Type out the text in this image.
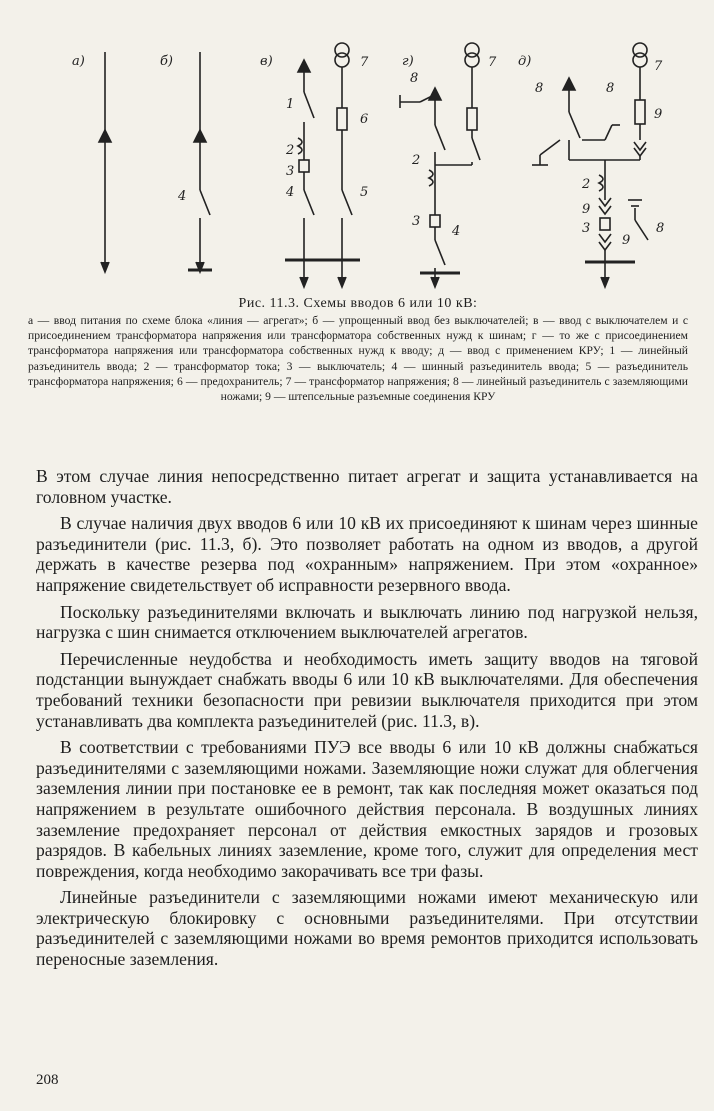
а)	б)	в)	г)	д)
4
1
2
3
4	5
6
7
8
7
2
3
4
8	8
7
9
2
9
3
9
8
Рис. 11.3. Схемы вводов 6 или 10 кВ:
а — ввод питания по схеме блока «линия — агрегат»; б — упрощенный ввод без выключателей; в — ввод с выключателем и с присоединением трансформатора напряжения или трансформатора собственных нужд к шинам; г — то же с присоединением трансформатора напряжения или трансформатора собственных нужд к вводу; д — ввод с применением КРУ; 1 — линейный разъединитель ввода; 2 — трансформатор тока; 3 — выключатель; 4 — шинный разъединитель ввода; 5 — разъединитель трансформатора напряжения; 6 — предохранитель; 7 — трансформатор напряжения; 8 — линейный разъединитель с заземляющими ножами; 9 — штепсельные разъемные соединения КРУ

В этом случае линия непосредственно питает агрегат и защита устанавливается на головном участке.

В случае наличия двух вводов 6 или 10 кВ их присоединяют к шинам через шинные разъединители (рис. 11.3, б). Это позволяет работать на одном из вводов, а другой держать в качестве резерва под «охранным» напряжением. При этом «охранное» напряжение свидетельствует об исправности резервного ввода.

Поскольку разъединителями включать и выключать линию под нагрузкой нельзя, нагрузка с шин снимается отключением выключателей агрегатов.

Перечисленные неудобства и необходимость иметь защиту вводов на тяговой подстанции вынуждает снабжать вводы 6 или 10 кВ выключателями. Для обеспечения требований техники безопасности при ревизии выключателя приходится при этом устанавливать два комплекта разъединителей (рис. 11.3, в).

В соответствии с требованиями ПУЭ все вводы 6 или 10 кВ должны снабжаться разъединителями с заземляющими ножами. Заземляющие ножи служат для облегчения заземления линии при постановке ее в ремонт, так как последняя может оказаться под напряжением в результате ошибочного действия персонала. В воздушных линиях заземление предохраняет персонал от действия емкостных зарядов и грозовых разрядов. В кабельных линиях заземление, кроме того, служит для определения мест повреждения, когда необходимо закорачивать все три фазы.

Линейные разъединители с заземляющими ножами имеют механическую или электрическую блокировку с основными разъединителями. При отсутствии разъединителей с заземляющими ножами во время ремонтов приходится использовать переносные заземления.

208
